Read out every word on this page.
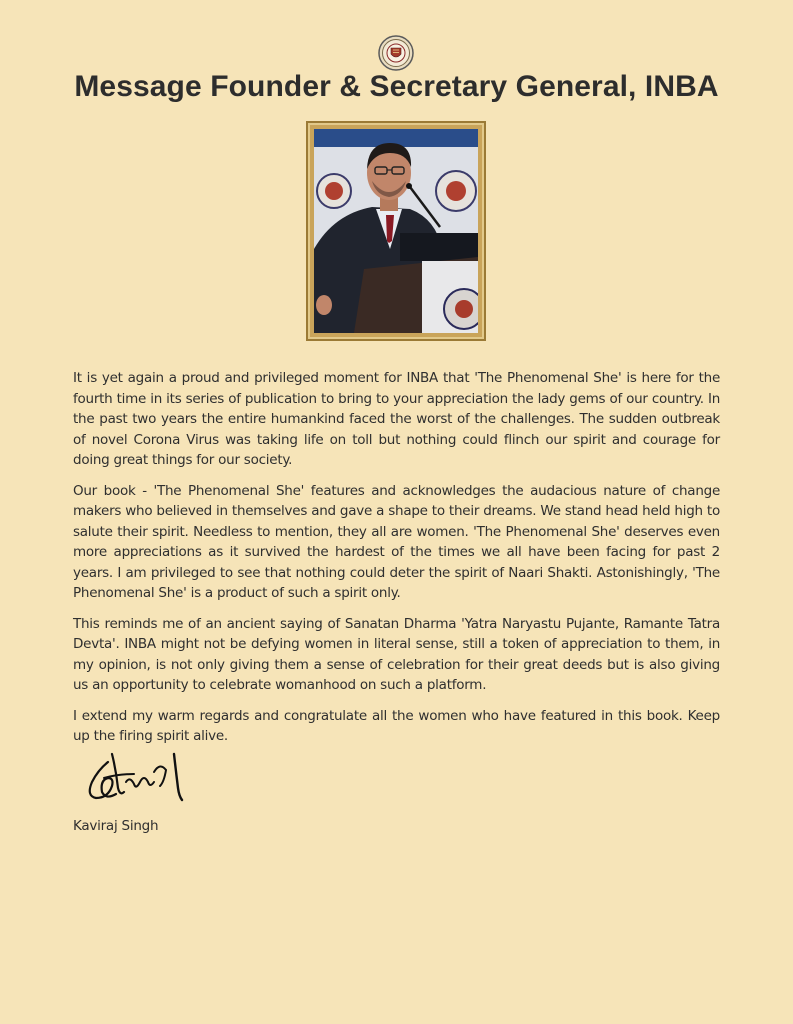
Message Founder & Secretary General, INBA

It is yet again a proud and privileged moment for INBA that 'The Phenomenal She' is here for the fourth time in its series of publication to bring to your appreciation the lady gems of our country. In the past two years the entire humankind faced the worst of the challenges. The sudden outbreak of novel Corona Virus was taking life on toll but nothing could flinch our spirit and courage for doing great things for our society.

Our book - 'The Phenomenal She' features and acknowledges the audacious nature of change makers who believed in themselves and gave a shape to their dreams. We stand head held high to salute their spirit. Needless to mention, they all are women. 'The Phenomenal She' deserves even more appreciations as it survived the hardest of the times we all have been facing for past 2 years. I am privileged to see that nothing could deter the spirit of Naari Shakti. Astonishingly, 'The Phenomenal She' is a product of such a spirit only.

This reminds me of an ancient saying of Sanatan Dharma 'Yatra Naryastu Pujante, Ramante Tatra Devta'. INBA might not be defying women in literal sense, still a token of appreciation to them, in my opinion, is not only giving them a sense of celebration for their great deeds but is also giving us an opportunity to celebrate womanhood on such a platform.

I extend my warm regards and congratulate all the women who have featured in this book. Keep up the firing spirit alive.

Kaviraj Singh
